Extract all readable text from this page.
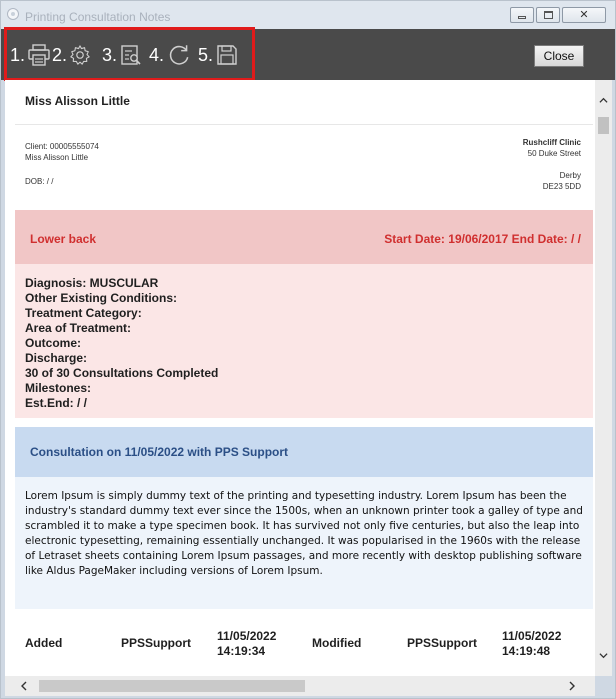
Printing Consultation Notes	✕
1. 2. 3. 4. 5.	Close
Miss Alisson Little
Client: 00005555074
Miss Alisson Little
DOB: / /
Rushcliff Clinic
50 Duke Street
Derby
DE23 5DD
Lower back	Start Date: 19/06/2017 End Date: / /
Diagnosis: MUSCULAR
Other Existing Conditions:
Treatment Category:
Area of Treatment:
Outcome:
Discharge:
30 of 30 Consultations Completed
Milestones:
Est.End: / /
Consultation on 11/05/2022 with PPS Support
Lorem Ipsum is simply dummy text of the printing and typesetting industry. Lorem Ipsum has been the industry's standard dummy text ever since the 1500s, when an unknown printer took a galley of type and scrambled it to make a type specimen book. It has survived not only five centuries, but also the leap into electronic typesetting, remaining essentially unchanged. It was popularised in the 1960s with the release of Letraset sheets containing Lorem Ipsum passages, and more recently with desktop publishing software like Aldus PageMaker including versions of Lorem Ipsum.
Added	PPSSupport 11/05/2022
14:19:34
Modified	PPSSupport 11/05/2022
14:19:48
